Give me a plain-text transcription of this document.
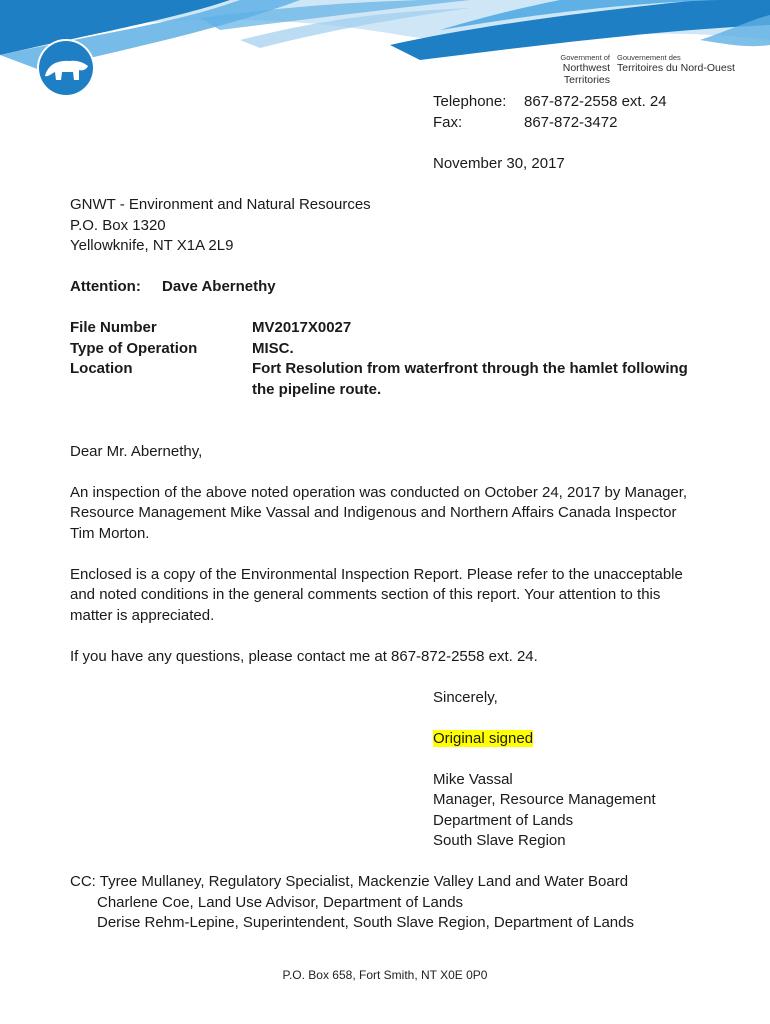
Government of
Northwest Territories
Gouvernement des
Territoires du Nord-Ouest
Telephone: 867-872-2558 ext. 24
Fax:	867-872-3472
November 30, 2017
GNWT - Environment and Natural Resources
P.O. Box 1320
Yellowknife, NT X1A 2L9
Attention: Dave Abernethy
File Number	MV2017X0027
Type of Operation	MISC.
Location	Fort Resolution from waterfront through the hamlet following
the pipeline route.
Dear Mr. Abernethy,
An inspection of the above noted operation was conducted on October 24, 2017 by Manager,
Resource Management Mike Vassal and Indigenous and Northern Affairs Canada Inspector
Tim Morton.
Enclosed is a copy of the Environmental Inspection Report. Please refer to the unacceptable
and noted conditions in the general comments section of this report. Your attention to this
matter is appreciated.
If you have any questions, please contact me at 867-872-2558 ext. 24.
Sincerely,
Original signed
Mike Vassal
Manager, Resource Management
Department of Lands
South Slave Region
CC: Tyree Mullaney, Regulatory Specialist, Mackenzie Valley Land and Water Board
Charlene Coe, Land Use Advisor, Department of Lands
Derise Rehm-Lepine, Superintendent, South Slave Region, Department of Lands
P.O. Box 658, Fort Smith, NT X0E 0P0
